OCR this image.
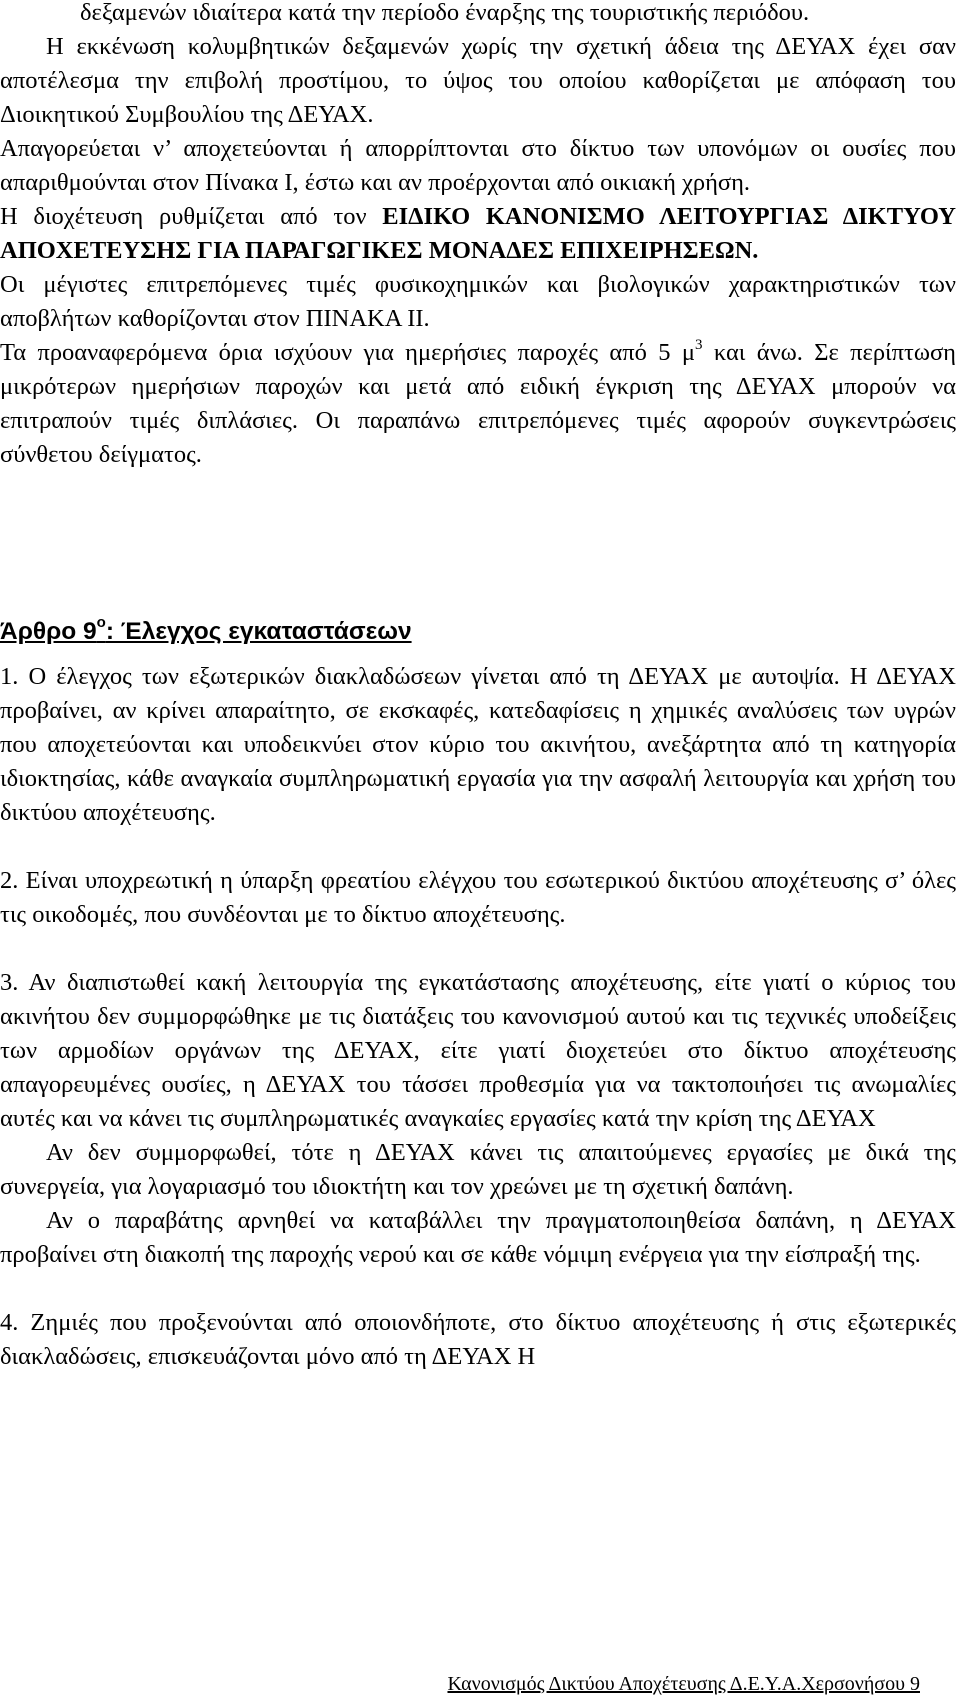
δεξαμενών ιδιαίτερα κατά την περίοδο έναρξης της τουριστικής περιόδου.

Η εκκένωση κολυμβητικών δεξαμενών χωρίς την σχετική άδεια της ΔΕΥΑΧ έχει σαν αποτέλεσμα την επιβολή προστίμου, το ύψος του οποίου καθορίζεται με απόφαση του Διοικητικού Συμβουλίου της ΔΕΥΑΧ.

Απαγορεύεται ν’ αποχετεύονται ή απορρίπτονται στο δίκτυο των υπονόμων οι ουσίες που απαριθμούνται στον Πίνακα Ι, έστω και αν προέρχονται από οικιακή χρήση.

Η διοχέτευση ρυθμίζεται από τον ΕΙΔΙΚΟ ΚΑΝΟΝΙΣΜΟ ΛΕΙΤΟΥΡΓΙΑΣ ΔΙΚΤΥΟΥ ΑΠΟΧΕΤΕΥΣΗΣ ΓΙΑ ΠΑΡΑΓΩΓΙΚΕΣ ΜΟΝΑΔΕΣ ΕΠΙΧΕΙΡΗΣΕΩΝ.

Οι μέγιστες επιτρεπόμενες τιμές φυσικοχημικών και βιολογικών χαρακτηριστικών των αποβλήτων καθορίζονται στον ΠΙΝΑΚΑ ΙΙ.

Τα προαναφερόμενα όρια ισχύουν για ημερήσιες παροχές από 5 $\mu^3$ και άνω. Σε περίπτωση μικρότερων ημερήσιων παροχών και μετά από ειδική έγκριση της ΔΕΥΑΧ μπορούν να επιτραπούν τιμές διπλάσιες. Οι παραπάνω επιτρεπόμενες τιμές αφορούν συγκεντρώσεις σύνθετου δείγματος.

Άρθρο $9^o$: Έλεγχος εγκαταστάσεων

1. Ο έλεγχος των εξωτερικών διακλαδώσεων γίνεται από τη ΔΕΥΑΧ με αυτοψία. Η ΔΕΥΑΧ προβαίνει, αν κρίνει απαραίτητο, σε εκσκαφές, κατεδαφίσεις η χημικές αναλύσεις των υγρών που αποχετεύονται και υποδεικνύει στον κύριο του ακινήτου, ανεξάρτητα από τη κατηγορία ιδιοκτησίας, κάθε αναγκαία συμπληρωματική εργασία για την ασφαλή λειτουργία και χρήση του δικτύου αποχέτευσης.

2. Είναι υποχρεωτική η ύπαρξη φρεατίου ελέγχου του εσωτερικού δικτύου αποχέτευσης σ’ όλες τις οικοδομές, που συνδέονται με το δίκτυο αποχέτευσης.

3. Αν διαπιστωθεί κακή λειτουργία της εγκατάστασης αποχέτευσης, είτε γιατί ο κύριος του ακινήτου δεν συμμορφώθηκε με τις διατάξεις του κανονισμού αυτού και τις τεχνικές υποδείξεις των αρμοδίων οργάνων της ΔΕΥΑΧ, είτε γιατί διοχετεύει στο δίκτυο αποχέτευσης απαγορευμένες ουσίες, η ΔΕΥΑΧ του τάσσει προθεσμία για να τακτοποιήσει τις ανωμαλίες αυτές και να κάνει τις συμπληρωματικές αναγκαίες εργασίες κατά την κρίση της ΔΕΥΑΧ

Αν δεν συμμορφωθεί, τότε η ΔΕΥΑΧ κάνει τις απαιτούμενες εργασίες με δικά της συνεργεία, για λογαριασμό του ιδιοκτήτη και τον χρεώνει με τη σχετική δαπάνη.

Αν ο παραβάτης αρνηθεί να καταβάλλει την πραγματοποιηθείσα δαπάνη, η ΔΕΥΑΧ προβαίνει στη διακοπή της παροχής νερού και σε κάθε νόμιμη ενέργεια για την είσπραξή της.

4. Ζημιές που προξενούνται από οποιονδήποτε, στο δίκτυο αποχέτευσης ή στις εξωτερικές διακλαδώσεις, επισκευάζονται μόνο από τη ΔΕΥΑΧ Η

Κανονισμός Δικτύου Αποχέτευσης Δ.Ε.Υ.Α.Χερσονήσου 9
